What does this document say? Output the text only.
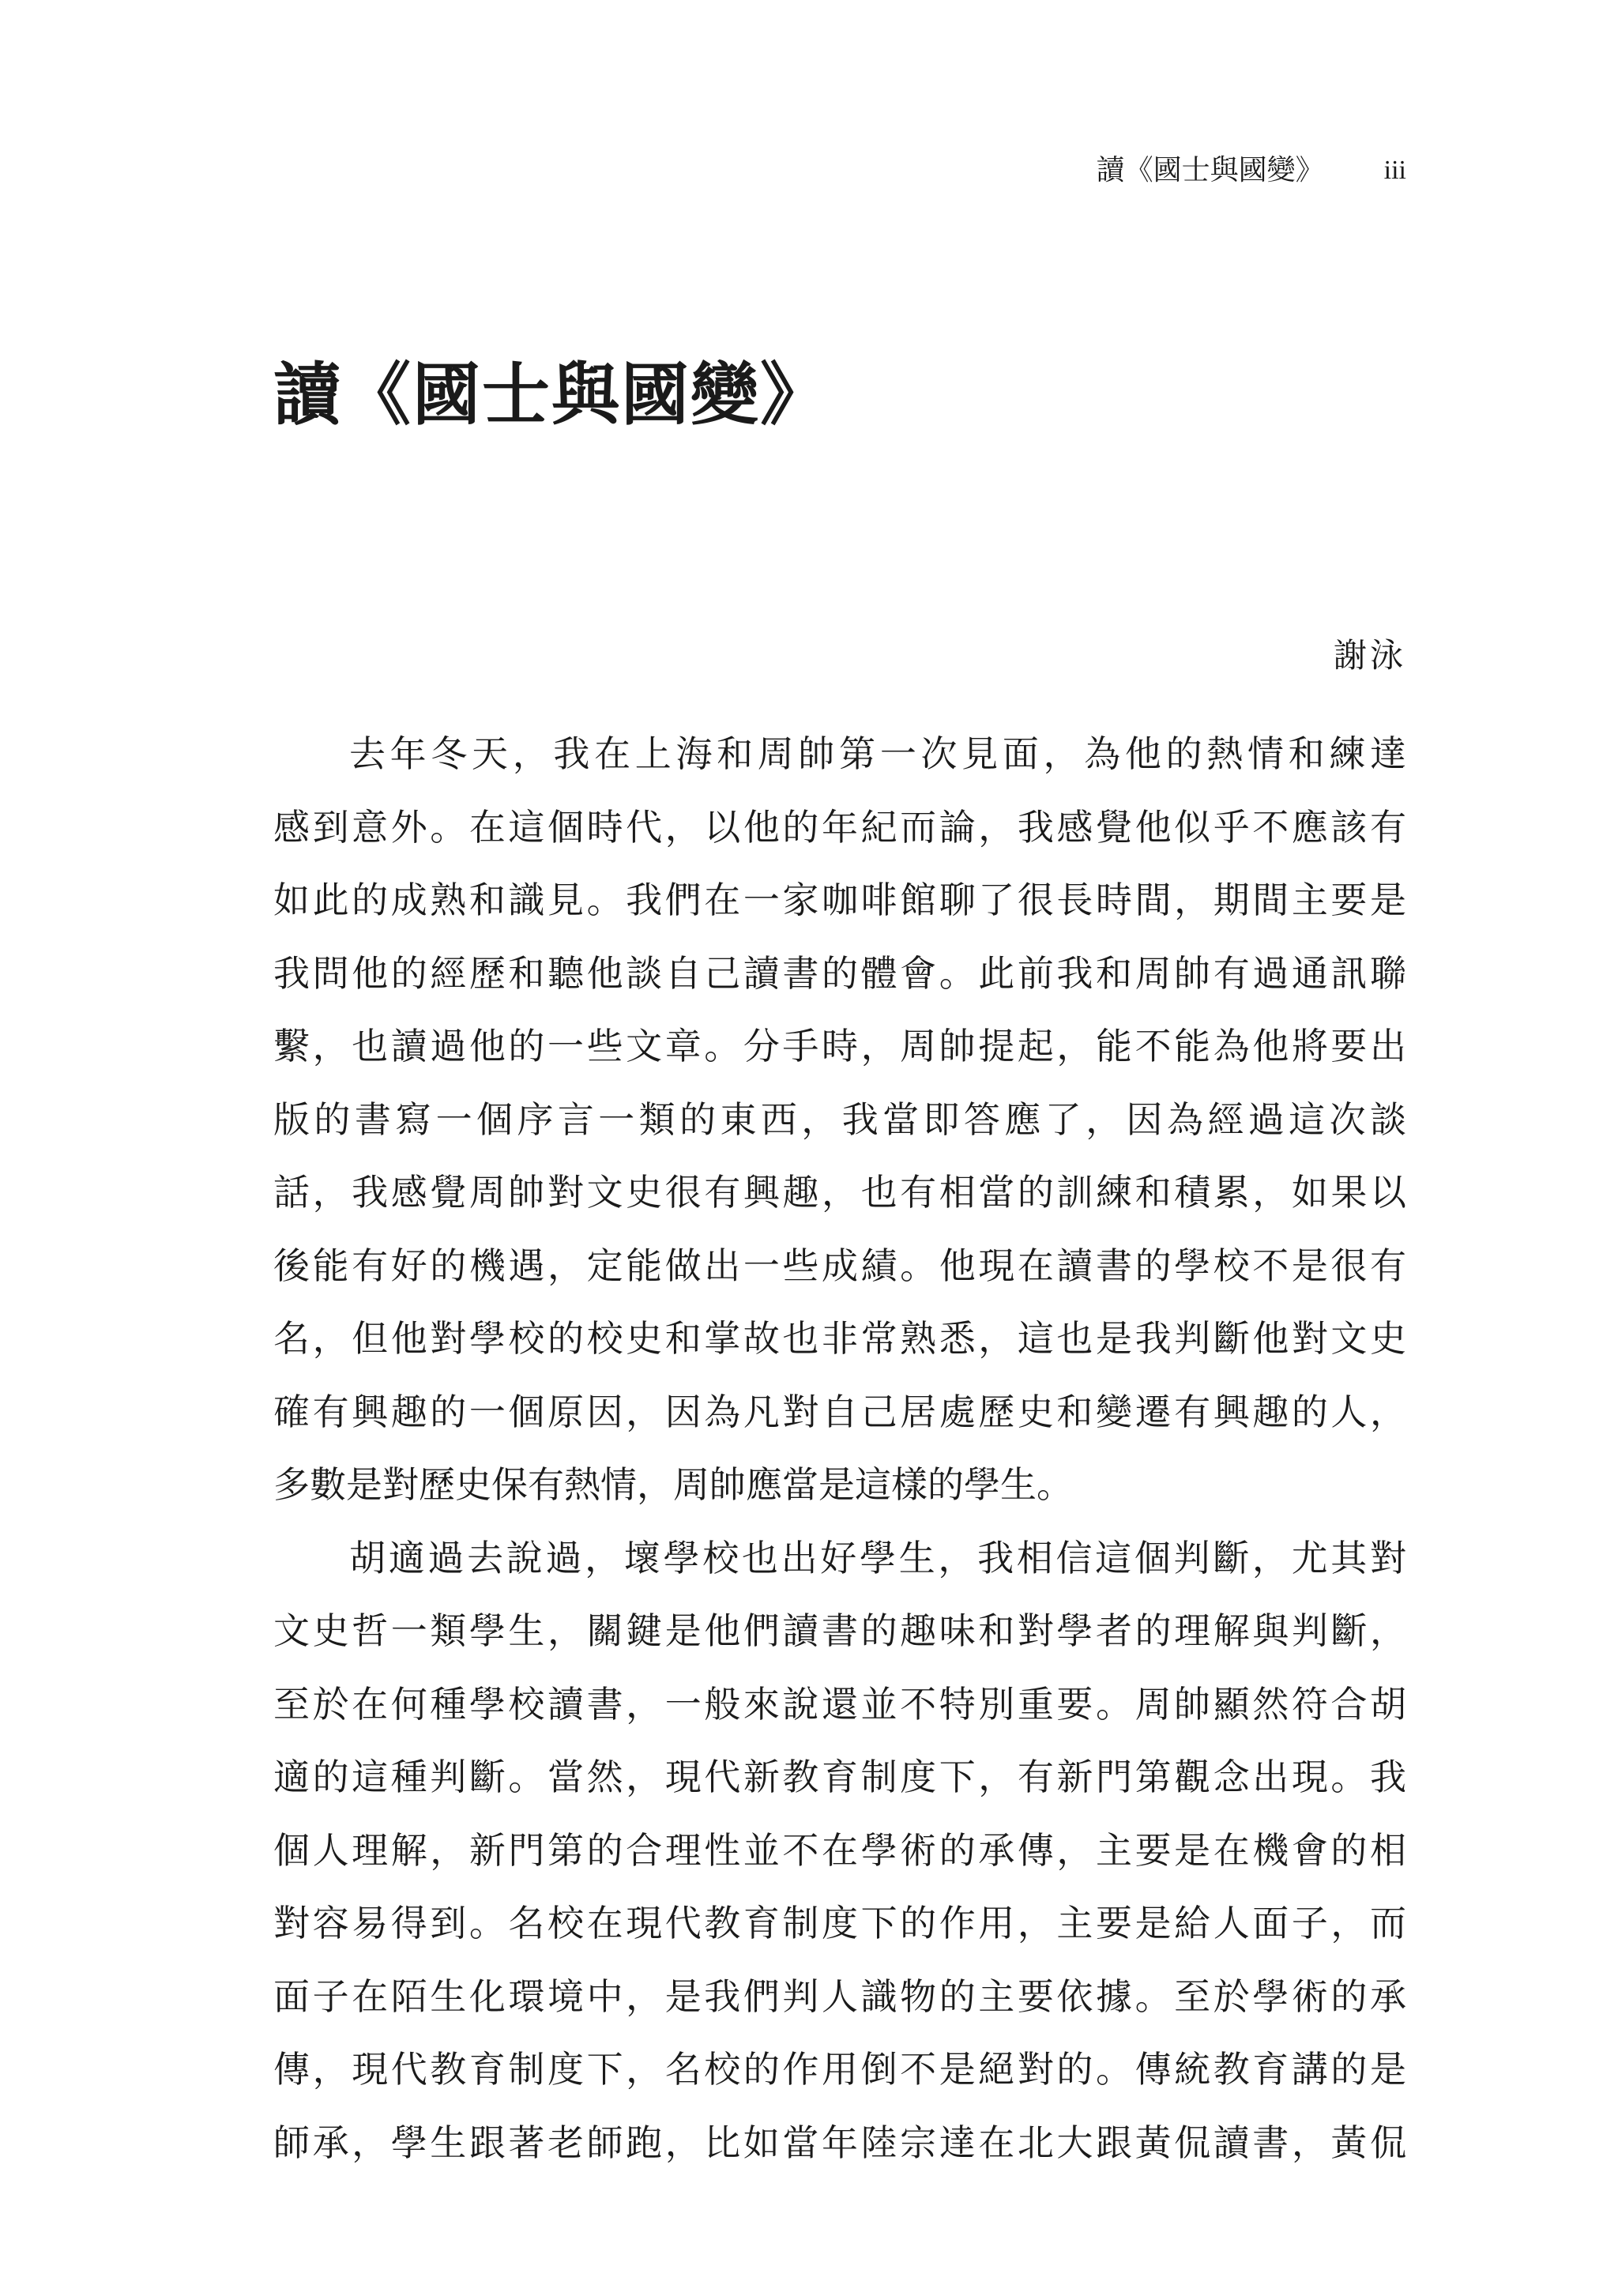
讀《國士與國變》 iii
讀《國士與國變》
謝泳
去年冬天，我在上海和周帥第一次見面，為他的熱情和練達
感到意外。在這個時代，以他的年紀而論，我感覺他似乎不應該有
如此的成熟和識見。我們在一家咖啡館聊了很長時間，期間主要是
我問他的經歷和聽他談自己讀書的體會。此前我和周帥有過通訊聯
繫，也讀過他的一些文章。分手時，周帥提起，能不能為他將要出
版的書寫一個序言一類的東西，我當即答應了，因為經過這次談
話，我感覺周帥對文史很有興趣，也有相當的訓練和積累，如果以
後能有好的機遇，定能做出一些成績。他現在讀書的學校不是很有
名，但他對學校的校史和掌故也非常熟悉，這也是我判斷他對文史
確有興趣的一個原因，因為凡對自己居處歷史和變遷有興趣的人，
多數是對歷史保有熱情，周帥應當是這樣的學生。
胡適過去說過，壞學校也出好學生，我相信這個判斷，尤其對
文史哲一類學生，關鍵是他們讀書的趣味和對學者的理解與判斷，
至於在何種學校讀書，一般來說還並不特別重要。周帥顯然符合胡
適的這種判斷。當然，現代新教育制度下，有新門第觀念出現。我
個人理解，新門第的合理性並不在學術的承傳，主要是在機會的相
對容易得到。名校在現代教育制度下的作用，主要是給人面子，而
面子在陌生化環境中，是我們判人識物的主要依據。至於學術的承
傳，現代教育制度下，名校的作用倒不是絕對的。傳統教育講的是
師承，學生跟著老師跑，比如當年陸宗達在北大跟黃侃讀書，黃侃
